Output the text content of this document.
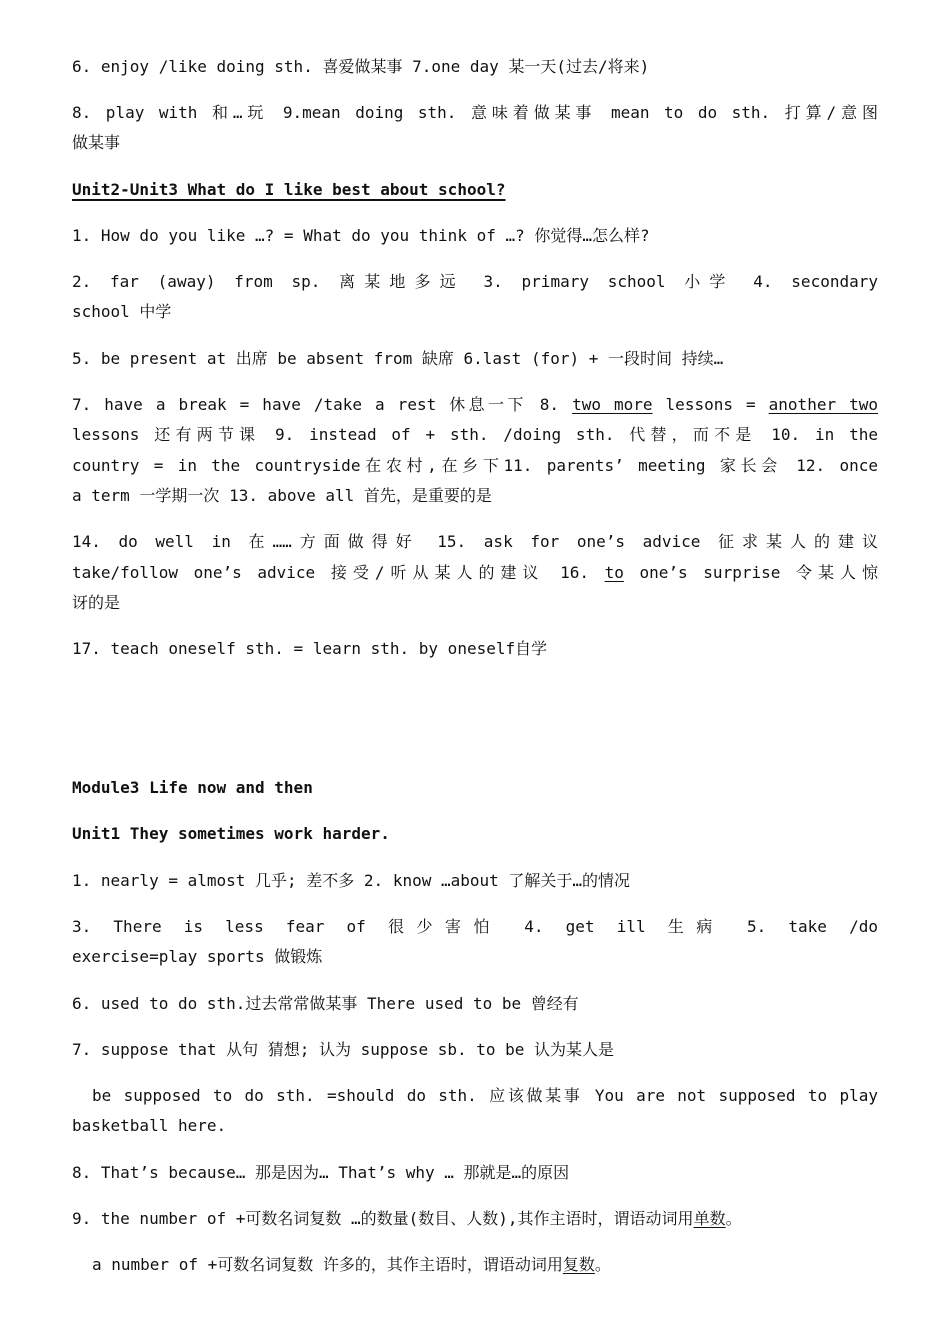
6. enjoy /like doing sth. 喜爱做某事 7.one day 某一天(过去/将来)
8. play with 和…玩 9.mean doing sth. 意味着做某事 mean to do sth. 打算/意图
做某事
Unit2-Unit3 What do I like best about school?
1. How do you like …? = What do you think of …? 你觉得…怎么样?
2. far (away) from sp. 离某地多远 3. primary school 小学 4. secondary
school 中学
5. be present at 出席 be absent from 缺席 6.last (for) + 一段时间 持续…
7. have a break = have /take a rest 休息一下 8. two more lessons = another two
lessons 还有两节课 9. instead of + sth. /doing sth. 代替，而不是 10. in the
country = in the countryside在农村,在乡下11. parents’ meeting 家长会 12. once
a term 一学期一次 13. above all 首先，是重要的是
14. do well in 在……方面做得好 15. ask for one’s advice 征求某人的建议
take/follow one’s advice 接受/听从某人的建议 16. to one’s surprise 令某人惊
讶的是
17. teach oneself sth. = learn sth. by oneself自学
Module3 Life now and then
Unit1 They sometimes work harder.
1. nearly = almost 几乎; 差不多 2. know …about 了解关于…的情况
3. There is less fear of 很少害怕 4. get ill 生病 5. take /do
exercise=play sports 做锻炼
6. used to do sth.过去常常做某事 There used to be 曾经有
7. suppose that 从句 猜想; 认为 suppose sb. to be 认为某人是
be supposed to do sth. =should do sth. 应该做某事 You are not supposed to play
basketball here.
8. That’s because… 那是因为… That’s why … 那就是…的原因
9. the number of +可数名词复数 …的数量(数目、人数),其作主语时，谓语动词用单数。
a number of +可数名词复数 许多的，其作主语时，谓语动词用复数。
